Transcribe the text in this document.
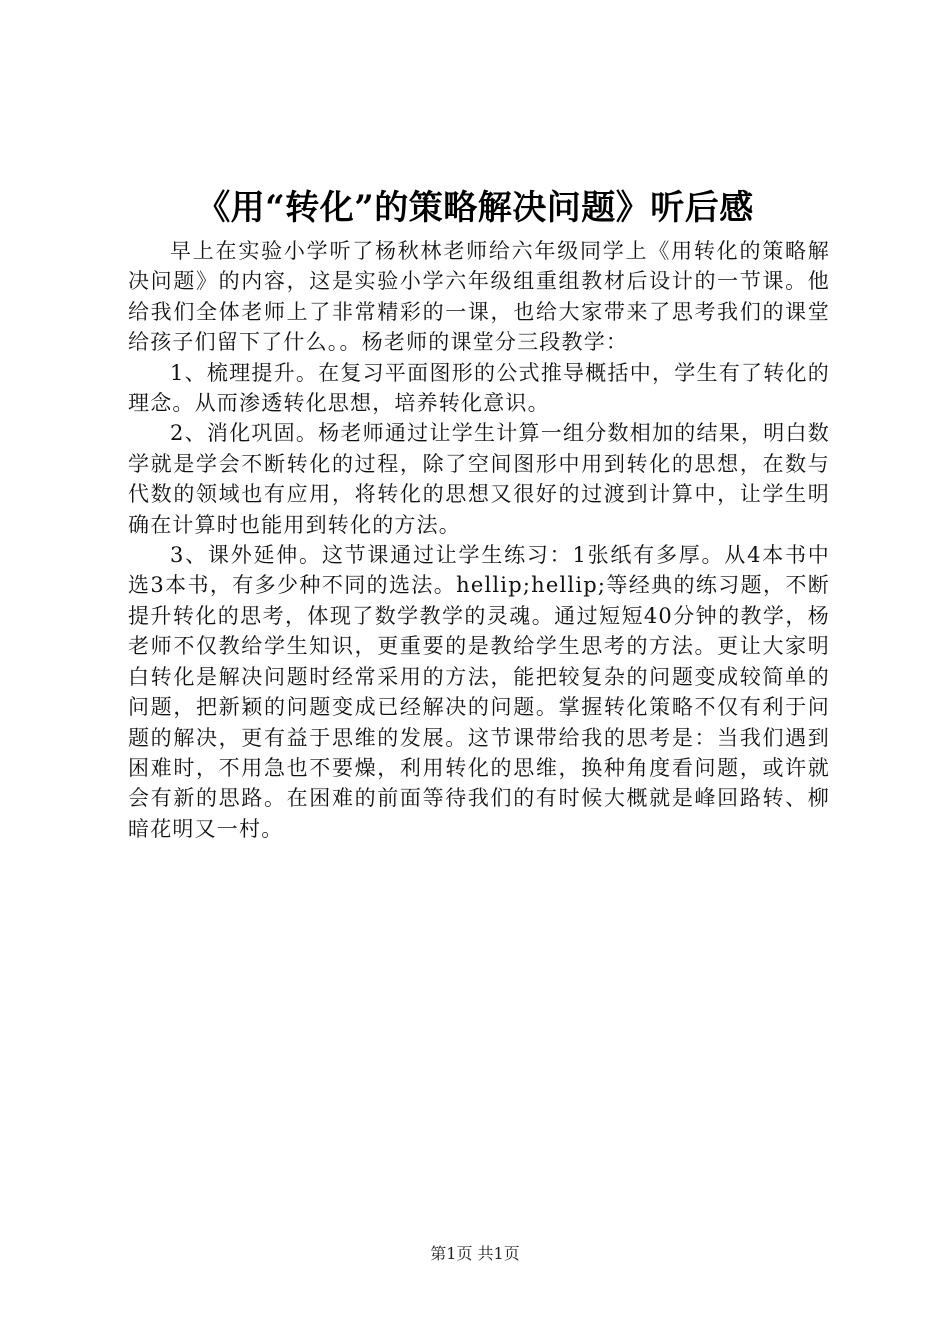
《用“转化”的策略解决问题》听后感

早上在实验小学听了杨秋林老师给六年级同学上《用转化的策略解决问题》的内容，这是实验小学六年级组重组教材后设计的一节课。他给我们全体老师上了非常精彩的一课，也给大家带来了思考我们的课堂给孩子们留下了什么。。杨老师的课堂分三段教学：

1、梳理提升。在复习平面图形的公式推导概括中，学生有了转化的理念。从而渗透转化思想，培养转化意识。

2、消化巩固。杨老师通过让学生计算一组分数相加的结果，明白数学就是学会不断转化的过程，除了空间图形中用到转化的思想，在数与代数的领域也有应用，将转化的思想又很好的过渡到计算中，让学生明确在计算时也能用到转化的方法。

3、课外延伸。这节课通过让学生练习：1张纸有多厚。从4本书中选3本书，有多少种不同的选法。hellip;hellip;等经典的练习题，不断提升转化的思考，体现了数学教学的灵魂。通过短短40分钟的教学，杨老师不仅教给学生知识，更重要的是教给学生思考的方法。更让大家明白转化是解决问题时经常采用的方法，能把较复杂的问题变成较简单的问题，把新颖的问题变成已经解决的问题。掌握转化策略不仅有利于问题的解决，更有益于思维的发展。这节课带给我的思考是：当我们遇到困难时，不用急也不要燥，利用转化的思维，换种角度看问题，或许就会有新的思路。在困难的前面等待我们的有时候大概就是峰回路转、柳暗花明又一村。

第1页 共1页
